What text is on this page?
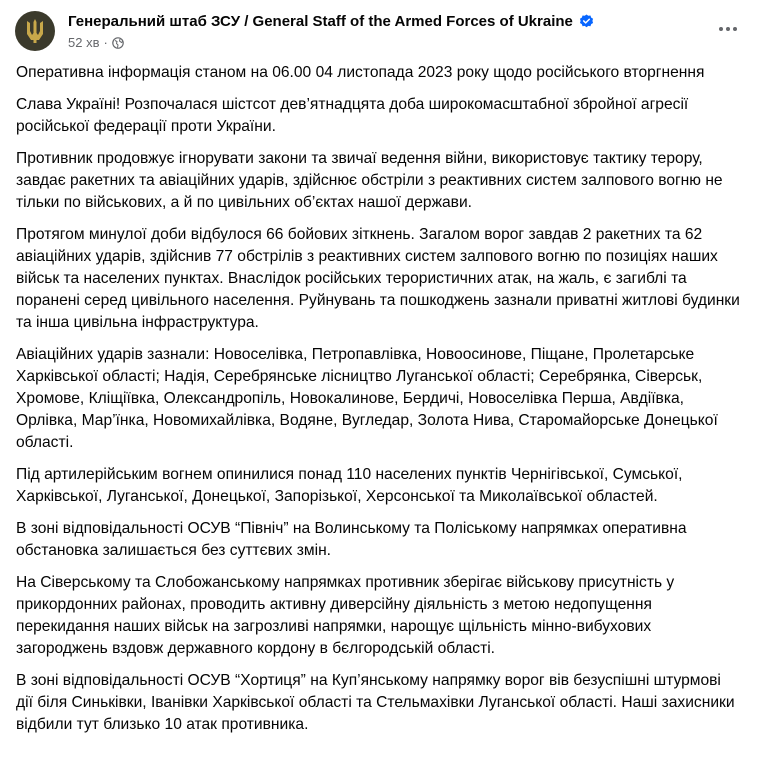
Генеральний штаб ЗСУ / General Staff of the Armed Forces of Ukraine
52 хв ·

Оперативна інформація станом на 06.00 04 листопада 2023 року щодо російського вторгнення

Слава Україні! Розпочалася шістсот дев’ятнадцята доба широкомасштабної збройної агресії російської федерації проти України.

Противник продовжує ігнорувати закони та звичаї ведення війни, використовує тактику терору, завдає ракетних та авіаційних ударів, здійснює обстріли з реактивних систем залпового вогню не тільки по військових, а й по цивільних об’єктах нашої держави.

Протягом минулої доби відбулося 66 бойових зіткнень. Загалом ворог завдав 2 ракетних та 62 авіаційних ударів, здійснив 77 обстрілів з реактивних систем залпового вогню по позиціях наших військ та населених пунктах. Внаслідок російських терористичних атак, на жаль, є загиблі та поранені серед цивільного населення. Руйнувань та пошкоджень зазнали приватні житлові будинки та інша цивільна інфраструктура.

Авіаційних ударів зазнали: Новоселівка, Петропавлівка, Новоосинове, Піщане, Пролетарське Харківської області; Надія, Серебрянське лісництво Луганської області; Серебрянка, Сіверськ, Хромове, Кліщіївка, Олександропіль, Новокалинове, Бердичі, Новоселівка Перша, Авдіївка, Орлівка, Мар’їнка, Новомихайлівка, Водяне, Вугледар, Золота Нива, Старомайорське Донецької області.

Під артилерійським вогнем опинилися понад 110 населених пунктів Чернігівської, Сумської, Харківської, Луганської, Донецької, Запорізької, Херсонської та Миколаївської областей.

В зоні відповідальності ОСУВ “Північ” на Волинському та Поліському напрямках оперативна обстановка залишається без суттєвих змін.

На Сіверському та Слобожанському напрямках противник зберігає військову присутність у прикордонних районах, проводить активну диверсійну діяльність з метою недопущення перекидання наших військ на загрозливі напрямки, нарощує щільність мінно-вибухових загороджень вздовж державного кордону в бєлгородській області.

В зоні відповідальності ОСУВ “Хортиця” на Куп’янському напрямку ворог вів безуспішні штурмові дії біля Синьківки, Іванівки Харківської області та Стельмахівки Луганської області. Наші захисники відбили тут близько 10 атак противника.
